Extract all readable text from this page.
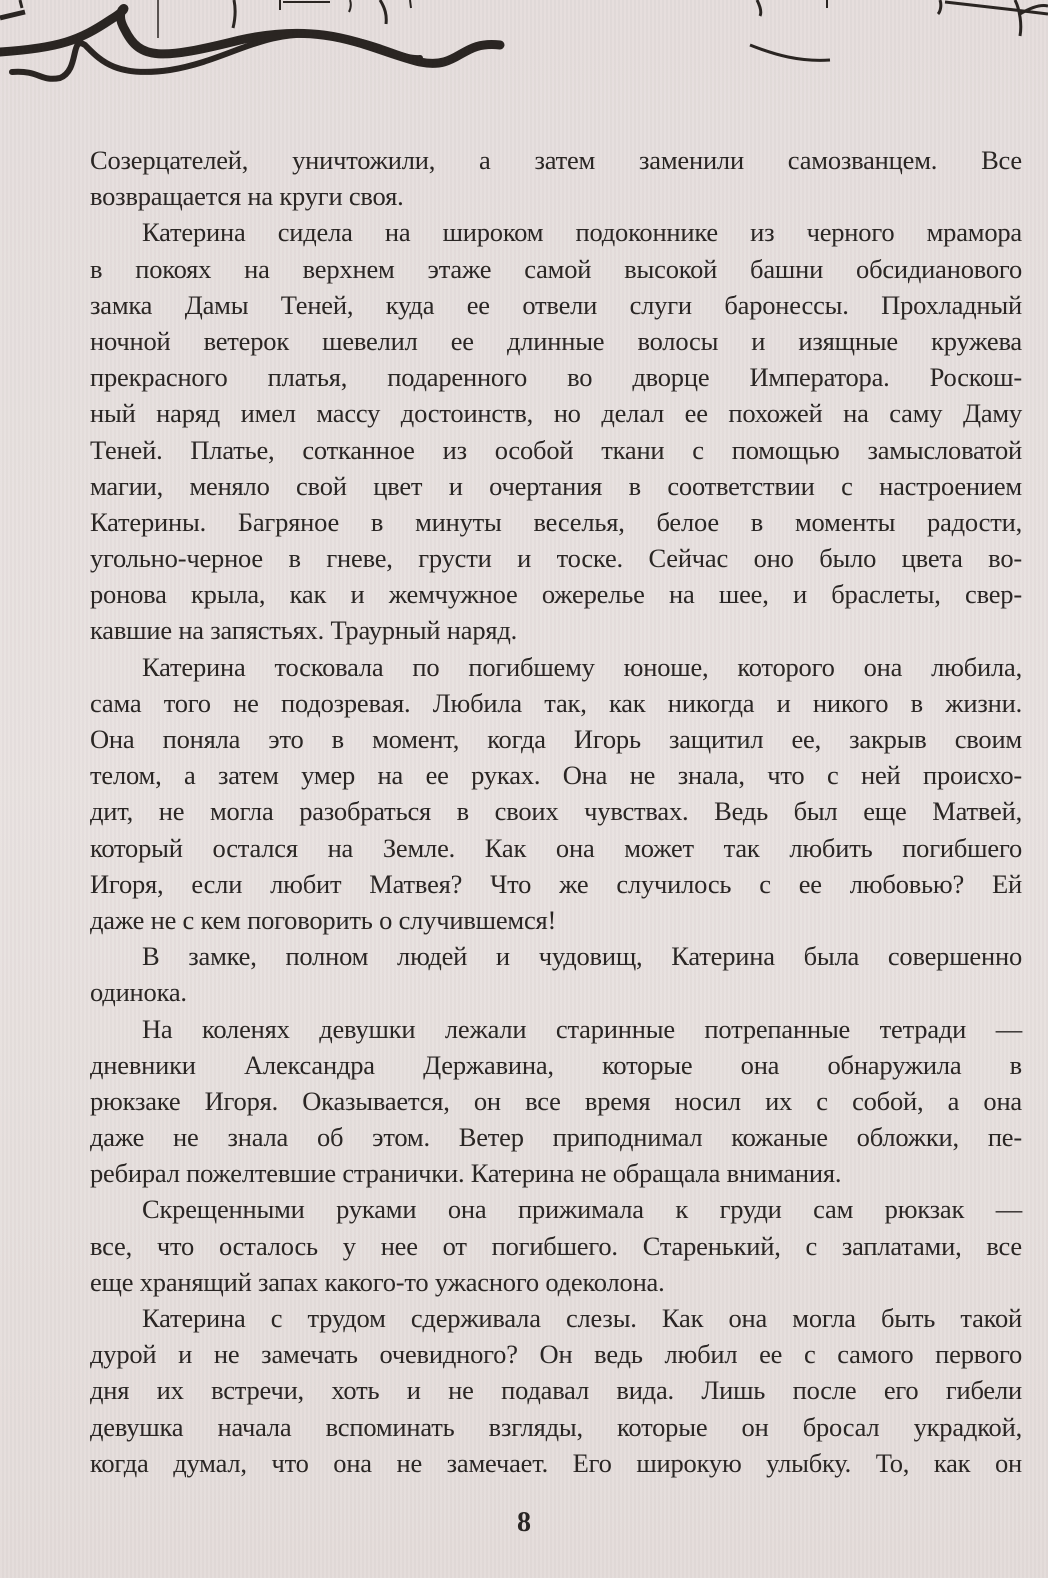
Созерцателей, уничтожили, а затем заменили самозванцем. Все
возвращается на круги своя.
Катерина сидела на широком подоконнике из черного мрамора
в покоях на верхнем этаже самой высокой башни обсидианового
замка Дамы Теней, куда ее отвели слуги баронессы. Прохладный
ночной ветерок шевелил ее длинные волосы и изящные кружева
прекрасного платья, подаренного во дворце Императора. Роскош-
ный наряд имел массу достоинств, но делал ее похожей на саму Даму
Теней. Платье, сотканное из особой ткани с помощью замысловатой
магии, меняло свой цвет и очертания в соответствии с настроением
Катерины. Багряное в минуты веселья, белое в моменты радости,
угольно-черное в гневе, грусти и тоске. Сейчас оно было цвета во-
ронова крыла, как и жемчужное ожерелье на шее, и браслеты, свер-
кавшие на запястьях. Траурный наряд.
Катерина тосковала по погибшему юноше, которого она любила,
сама того не подозревая. Любила так, как никогда и никого в жизни.
Она поняла это в момент, когда Игорь защитил ее, закрыв своим
телом, а затем умер на ее руках. Она не знала, что с ней происхо-
дит, не могла разобраться в своих чувствах. Ведь был еще Матвей,
который остался на Земле. Как она может так любить погибшего
Игоря, если любит Матвея? Что же случилось с ее любовью? Ей
даже не с кем поговорить о случившемся!
В замке, полном людей и чудовищ, Катерина была совершенно
одинока.
На коленях девушки лежали старинные потрепанные тетради —
дневники Александра Державина, которые она обнаружила в
рюкзаке Игоря. Оказывается, он все время носил их с собой, а она
даже не знала об этом. Ветер приподнимал кожаные обложки, пе-
ребирал пожелтевшие странички. Катерина не обращала внимания.
Скрещенными руками она прижимала к груди сам рюкзак —
все, что осталось у нее от погибшего. Старенький, с заплатами, все
еще хранящий запах какого-то ужасного одеколона.
Катерина с трудом сдерживала слезы. Как она могла быть такой
дурой и не замечать очевидного? Он ведь любил ее с самого первого
дня их встречи, хоть и не подавал вида. Лишь после его гибели
девушка начала вспоминать взгляды, которые он бросал украдкой,
когда думал, что она не замечает. Его широкую улыбку. То, как он
8
